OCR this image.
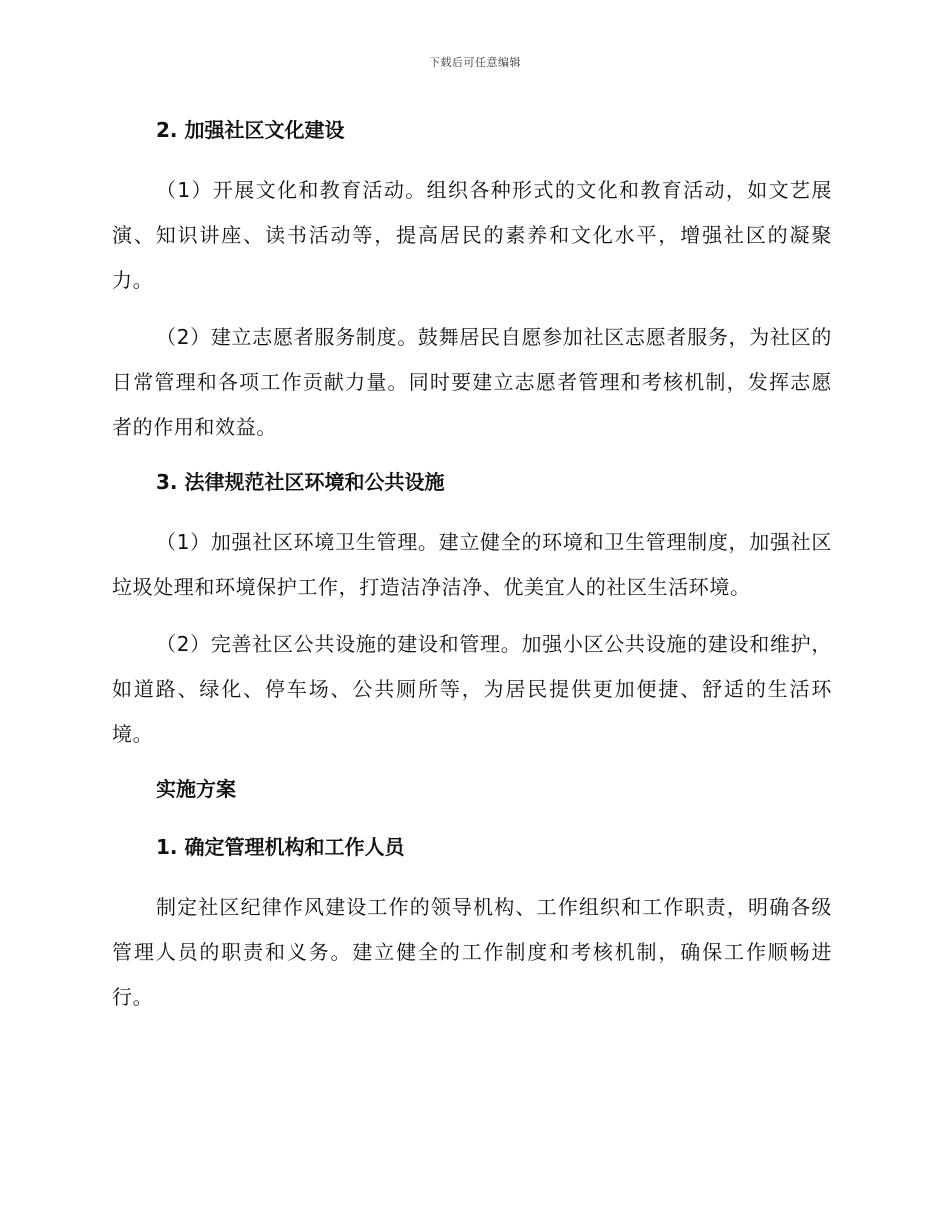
下载后可任意编辑
2. 加强社区文化建设

（1）开展文化和教育活动。组织各种形式的文化和教育活动，如文艺展演、知识讲座、读书活动等，提高居民的素养和文化水平，增强社区的凝聚力。

（2）建立志愿者服务制度。鼓舞居民自愿参加社区志愿者服务，为社区的日常管理和各项工作贡献力量。同时要建立志愿者管理和考核机制，发挥志愿者的作用和效益。

3. 法律规范社区环境和公共设施

（1）加强社区环境卫生管理。建立健全的环境和卫生管理制度，加强社区垃圾处理和环境保护工作，打造洁净洁净、优美宜人的社区生活环境。

（2）完善社区公共设施的建设和管理。加强小区公共设施的建设和维护，如道路、绿化、停车场、公共厕所等，为居民提供更加便捷、舒适的生活环境。

实施方案
1. 确定管理机构和工作人员

制定社区纪律作风建设工作的领导机构、工作组织和工作职责，明确各级管理人员的职责和义务。建立健全的工作制度和考核机制，确保工作顺畅进行。
